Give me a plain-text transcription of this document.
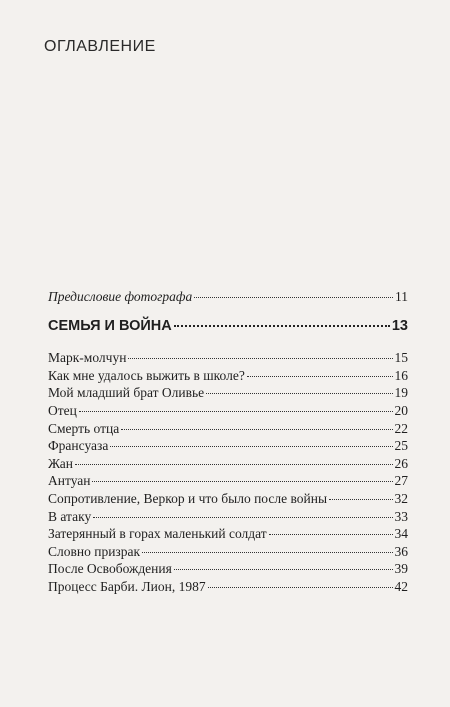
ОГЛАВЛЕНИЕ
Предисловие фотографа	11
СЕМЬЯ И ВОЙНА	13
Марк-молчун	15
Как мне удалось выжить в школе?	16
Мой младший брат Оливье	19
Отец	20
Смерть отца	22
Франсуаза	25
Жан	26
Антуан	27
Сопротивление, Веркор и что было после войны	32
В атаку	33
Затерянный в горах маленький солдат	34
Словно призрак	36
После Освобождения	39
Процесс Барби. Лион, 1987	42
